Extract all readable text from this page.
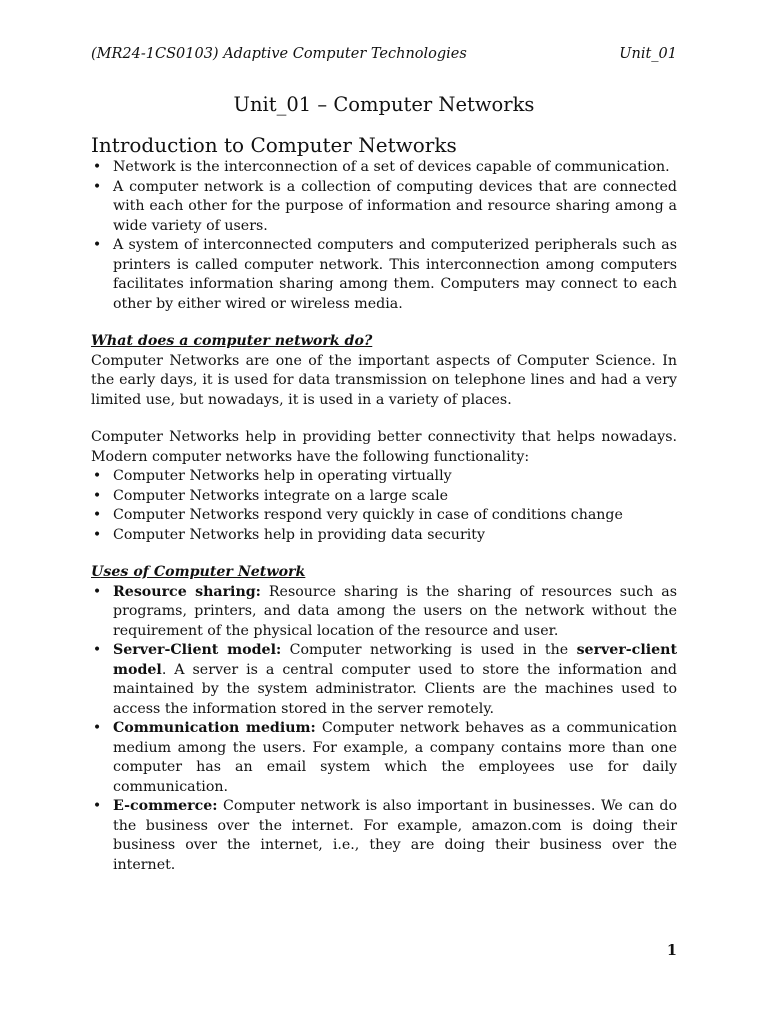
(MR24-1CS0103) Adaptive Computer Technologies	Unit_01
Unit_01 – Computer Networks
Introduction to Computer Networks
• Network is the interconnection of a set of devices capable of communication.
• A computer network is a collection of computing devices that are connected with each other for the purpose of information and resource sharing among a wide variety of users.
• A system of interconnected computers and computerized peripherals such as printers is called computer network. This interconnection among computers facilitates information sharing among them. Computers may connect to each other by either wired or wireless media.

What does a computer network do?

Computer Networks are one of the important aspects of Computer Science. In the early days, it is used for data transmission on telephone lines and had a very limited use, but nowadays, it is used in a variety of places.

Computer Networks help in providing better connectivity that helps nowadays. Modern computer networks have the following functionality:

• Computer Networks help in operating virtually
• Computer Networks integrate on a large scale
• Computer Networks respond very quickly in case of conditions change
• Computer Networks help in providing data security

Uses of Computer Network

• Resource sharing: Resource sharing is the sharing of resources such as programs, printers, and data among the users on the network without the requirement of the physical location of the resource and user.
• Server-Client model: Computer networking is used in the server-client model. A server is a central computer used to store the information and maintained by the system administrator. Clients are the machines used to access the information stored in the server remotely.
• Communication medium: Computer network behaves as a communication medium among the users. For example, a company contains more than one computer has an email system which the employees use for daily communication.
• E-commerce: Computer network is also important in businesses. We can do the business over the internet. For example, amazon.com is doing their business over the internet, i.e., they are doing their business over the internet.
1
